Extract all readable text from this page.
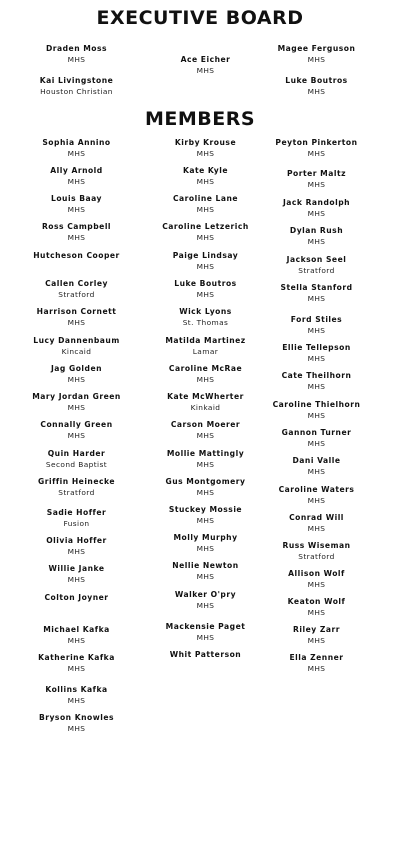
EXECUTIVE BOARD
MEMBERS
Draden Moss
MHS
Kai Livingstone
Houston Christian
Ace Eicher
MHS
Magee Ferguson
MHS
Luke Boutros
MHS
Sophia Annino
MHS
Ally Arnold
MHS
Louis Baay
MHS
Ross Campbell
MHS
Hutcheson Cooper
Callen Corley
Stratford
Harrison Cornett
MHS
Lucy Dannenbaum
Kincaid
Jag Golden
MHS
Mary Jordan Green
MHS
Connally Green
MHS
Quin Harder
Second Baptist
Griffin Heinecke
Stratford
Sadie Hoffer
Fusion
Olivia Hoffer
MHS
Willie Janke
MHS
Colton Joyner
Michael Kafka
MHS
Katherine Kafka
MHS
Kollins Kafka
MHS
Bryson Knowles
MHS
Kirby Krouse
MHS
Kate Kyle
MHS
Caroline Lane
MHS
Caroline Letzerich
MHS
Paige Lindsay
MHS
Luke Boutros
MHS
Wick Lyons
St. Thomas
Matilda Martinez
Lamar
Caroline McRae
MHS
Kate McWherter
Kinkaid
Carson Moerer
MHS
Mollie Mattingly
MHS
Gus Montgomery
MHS
Stuckey Mossie
MHS
Molly Murphy
MHS
Nellie Newton
MHS
Walker O'pry
MHS
Mackensie Paget
MHS
Whit Patterson
Peyton Pinkerton
MHS
Porter Maltz
MHS
Jack Randolph
MHS
Dylan Rush
MHS
Jackson Seel
Stratford
Stella Stanford
MHS
Ford Stiles
MHS
Ellie Tellepson
MHS
Cate Theilhorn
MHS
Caroline Thielhorn
MHS
Gannon Turner
MHS
Dani Valle
MHS
Caroline Waters
MHS
Conrad Will
MHS
Russ Wiseman
Stratford
Allison Wolf
MHS
Keaton Wolf
MHS
Riley Zarr
MHS
Ella Zenner
MHS
